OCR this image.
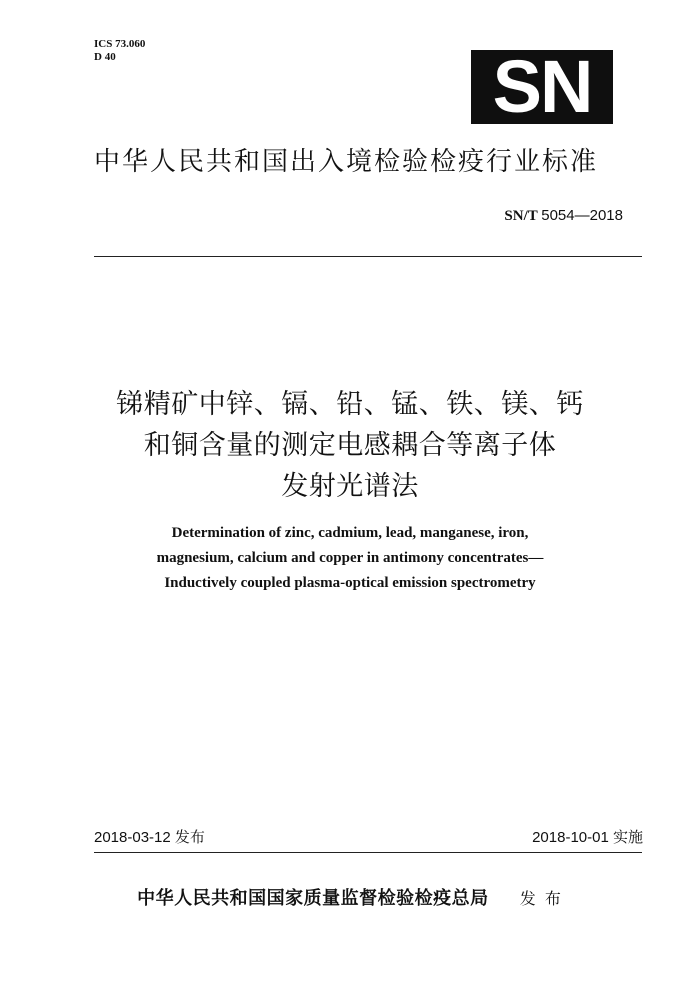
ICS 73.060
D 40	SN
中华人民共和国出入境检验检疫行业标准
SN/T 5054—2018
锑精矿中锌、镉、铅、锰、铁、镁、钙
和铜含量的测定电感耦合等离子体
发射光谱法
Determination of zinc, cadmium, lead, manganese, iron,
magnesium, calcium and copper in antimony concentrates—
Inductively coupled plasma-optical emission spectrometry
2018-03-12 发布	2018-10-01 实施
中华人民共和国国家质量监督检验检疫总局 发 布
